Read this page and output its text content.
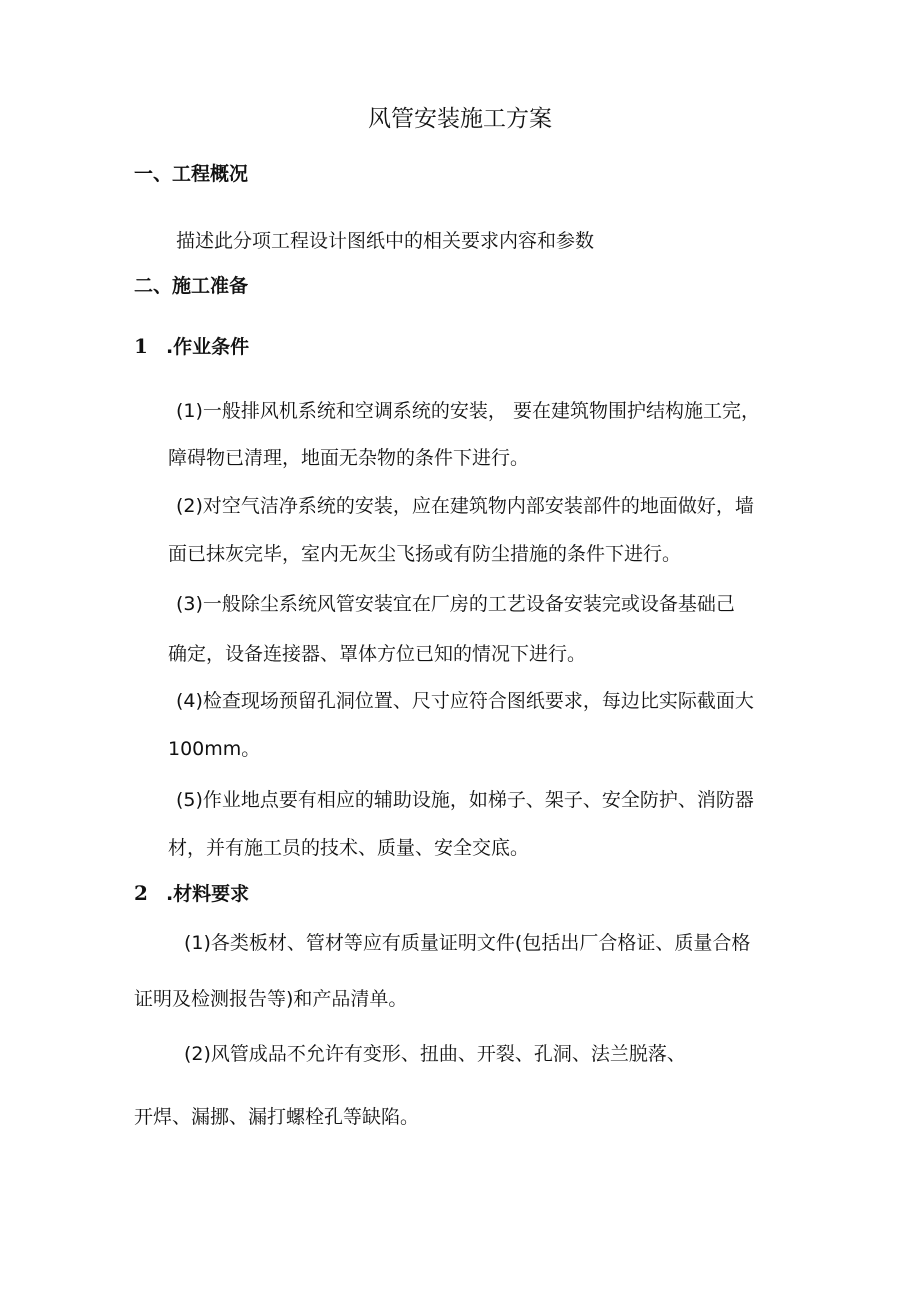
风管安装施工方案
一、工程概况
描述此分项工程设计图纸中的相关要求内容和参数
二、施工准备
1 .作业条件
(1)一般排风机系统和空调系统的安装， 要在建筑物围护结构施工完，
障碍物已清理，地面无杂物的条件下进行。
(2)对空气洁净系统的安装，应在建筑物内部安装部件的地面做好，墙
面已抹灰完毕，室内无灰尘飞扬或有防尘措施的条件下进行。
(3)一般除尘系统风管安装宜在厂房的工艺设备安装完或设备基础己
确定，设备连接器、罩体方位已知的情况下进行。
(4)检查现场预留孔洞位置、尺寸应符合图纸要求，每边比实际截面大
100mm。
(5)作业地点要有相应的辅助设施，如梯子、架子、安全防护、消防器
材，并有施工员的技术、质量、安全交底。
2 .材料要求
(1)各类板材、管材等应有质量证明文件(包括出厂合格证、质量合格
证明及检测报告等)和产品清单。
(2)风管成品不允许有变形、扭曲、开裂、孔洞、法兰脱落、
开焊、漏挪、漏打螺栓孔等缺陷。
